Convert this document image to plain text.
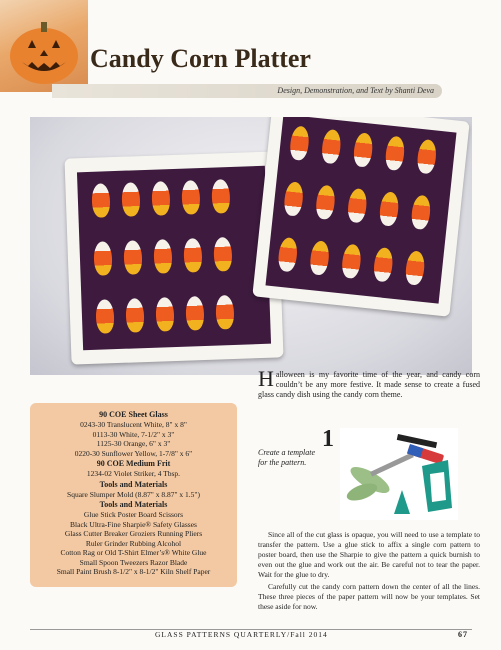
Candy Corn Platter
Design, Demonstration, and Text by Shanti Deva

Halloween is my favorite time of the year, and candy corn couldn’t be any more festive. It made sense to create a fused glass candy dish using the candy corn theme.

90 COE Sheet Glass
0243-30 Translucent White, 8" x 8"
0113-30 White, 7-1/2" x 3"
1125-30 Orange, 6" x 3"
0220-30 Sunflower Yellow, 1-7/8" x 6"
90 COE Medium Frit
1234-02 Violet Striker, 4 Tbsp.
Tools and Materials
Square Slumper Mold (8.87" x 8.87" x 1.5")
Tools and Materials
Glue Stick Poster Board Scissors
Black Ultra-Fine Sharpie® Safety Glasses
Glass Cutter Breaker Groziers Running Pliers
Ruler Grinder Rubbing Alcohol
Cotton Rag or Old T-Shirt Elmer’s® White Glue
Small Spoon Tweezers Razor Blade
Small Paint Brush 8-1/2" x 8-1/2" Kiln Shelf Paper
1

Create a template for the pattern.

Since all of the cut glass is opaque, you will need to use a template to transfer the pattern. Use a glue stick to affix a single corn pattern to poster board, then use the Sharpie to give the pattern a quick burnish to even out the glue and work out the air. Be careful not to tear the paper. Wait for the glue to dry.

Carefully cut the candy corn pattern down the center of all the lines. These three pieces of the paper pattern will now be your templates. Set these aside for now.

GLASS PATTERNS QUARTERLY/Fall 2014	67
